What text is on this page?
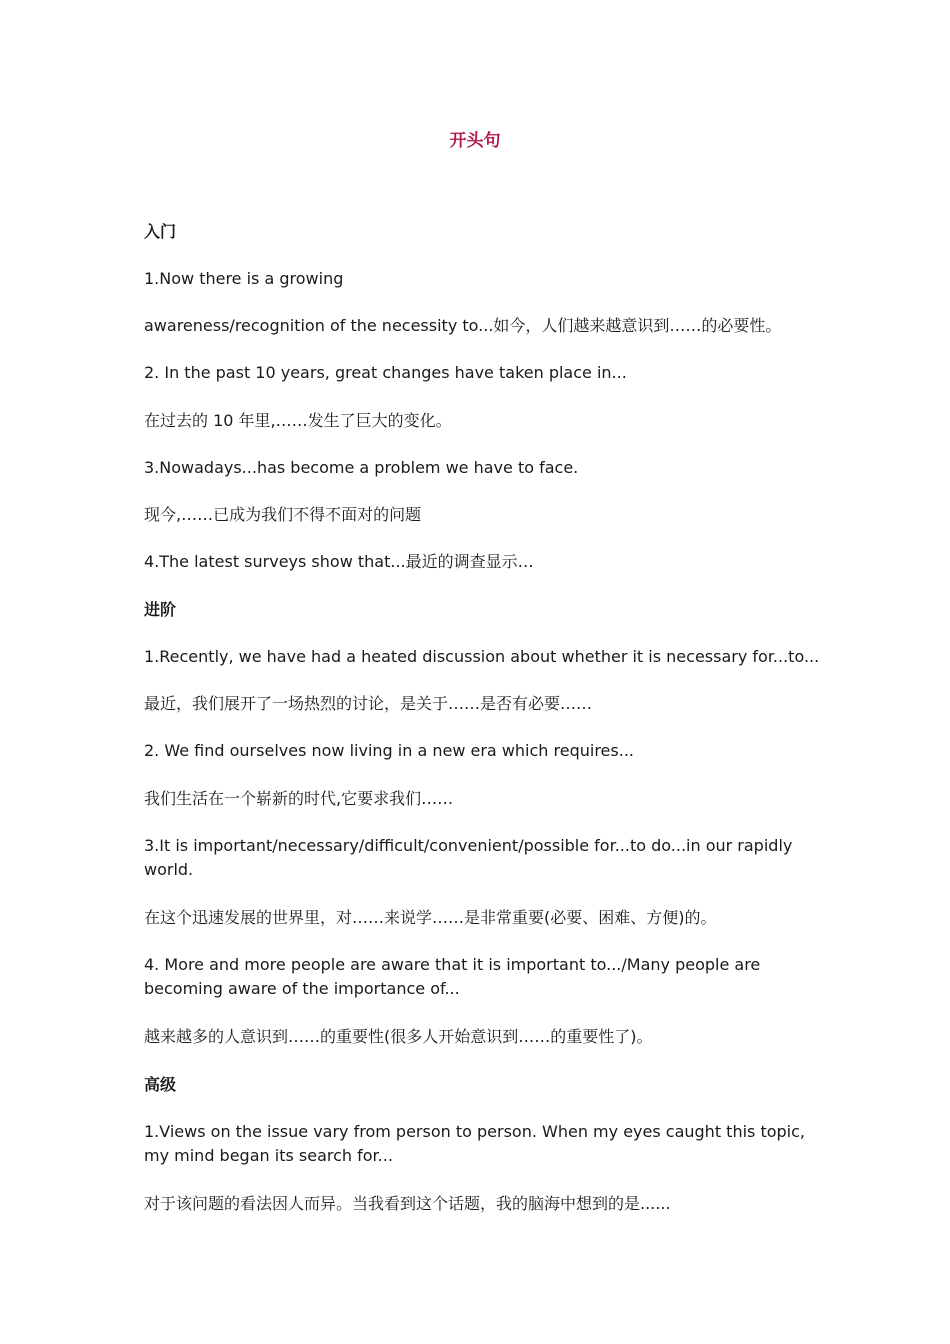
开头句
入门
1.Now there is a growing
awareness/recognition of the necessity to...如今，人们越来越意识到……的必要性。
2. In the past 10 years, great changes have taken place in...
在过去的 10 年里,……发生了巨大的变化。
3.Nowadays...has become a problem we have to face.
现今,……已成为我们不得不面对的问题
4.The latest surveys show that...最近的调查显示…
进阶
1.Recently, we have had a heated discussion about whether it is necessary for...to...
最近，我们展开了一场热烈的讨论，是关于……是否有必要……
2. We find ourselves now living in a new era which requires...
我们生活在一个崭新的时代,它要求我们……
3.It is important/necessary/difficult/convenient/possible for...to do...in our rapidly world.
在这个迅速发展的世界里，对……来说学……是非常重要(必要、困难、方便)的。
4. More and more people are aware that it is important to.../Many people are becoming aware of the importance of...
越来越多的人意识到……的重要性(很多人开始意识到……的重要性了)。
高级
1.Views on the issue vary from person to person. When my eyes caught this topic, my mind began its search for...
对于该问题的看法因人而异。当我看到这个话题，我的脑海中想到的是......
